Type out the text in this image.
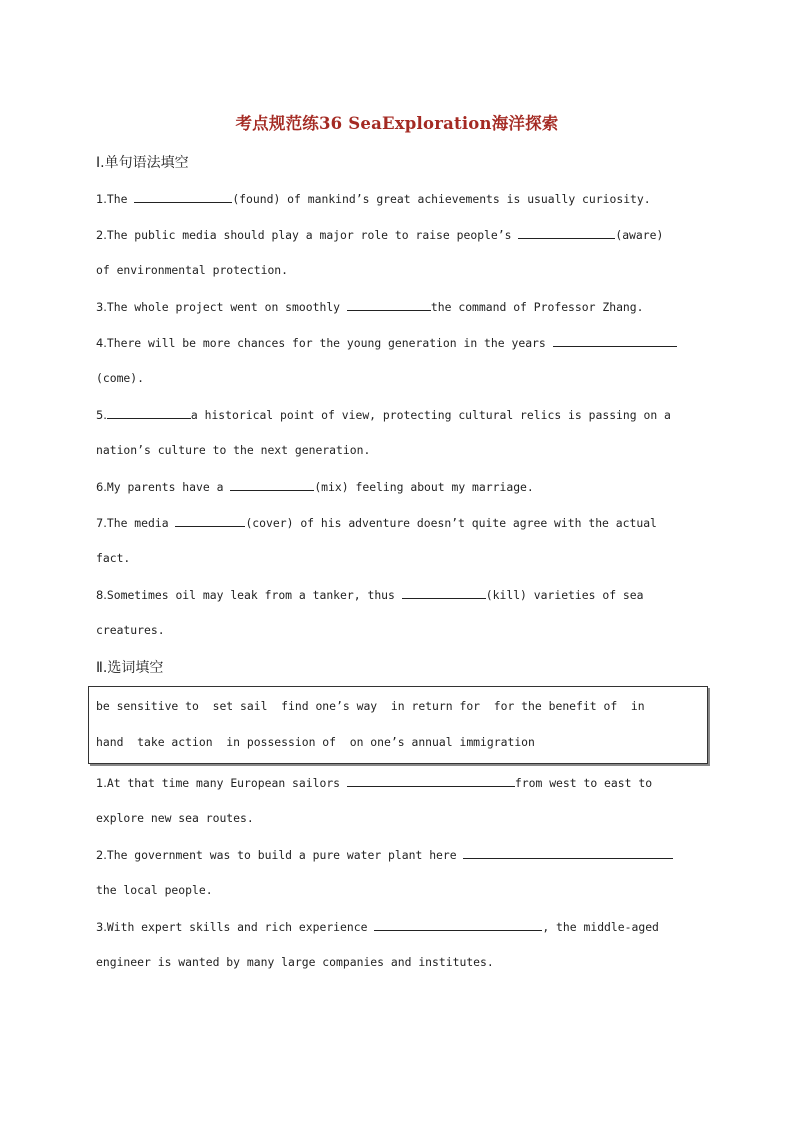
考点规范练36 SeaExploration海洋探索
Ⅰ.单句语法填空
1.The	(found) of mankind’s great achievements is usually curiosity.
2.The public media should play a major role to raise people’s	(aware)
of environmental protection.
3.The whole project went on smoothly	the command of Professor Zhang.
4.There will be more chances for the young generation in the years
(come).
5.	a historical point of view, protecting cultural relics is passing on a
nation’s culture to the next generation.
6.My parents have a	(mix) feeling about my marriage.
7.The media	(cover) of his adventure doesn’t quite agree with the actual
fact.
8.Sometimes oil may leak from a tanker, thus	(kill) varieties of sea
creatures.
Ⅱ.选词填空
be sensitive to  set sail  find one’s way  in return for  for the benefit of  in
hand  take action  in possession of  on one’s annual immigration
1.At that time many European sailors	from west to east to
explore new sea routes.
2.The government was to build a pure water plant here
the local people.
3.With expert skills and rich experience	, the middle-aged
engineer is wanted by many large companies and institutes.
